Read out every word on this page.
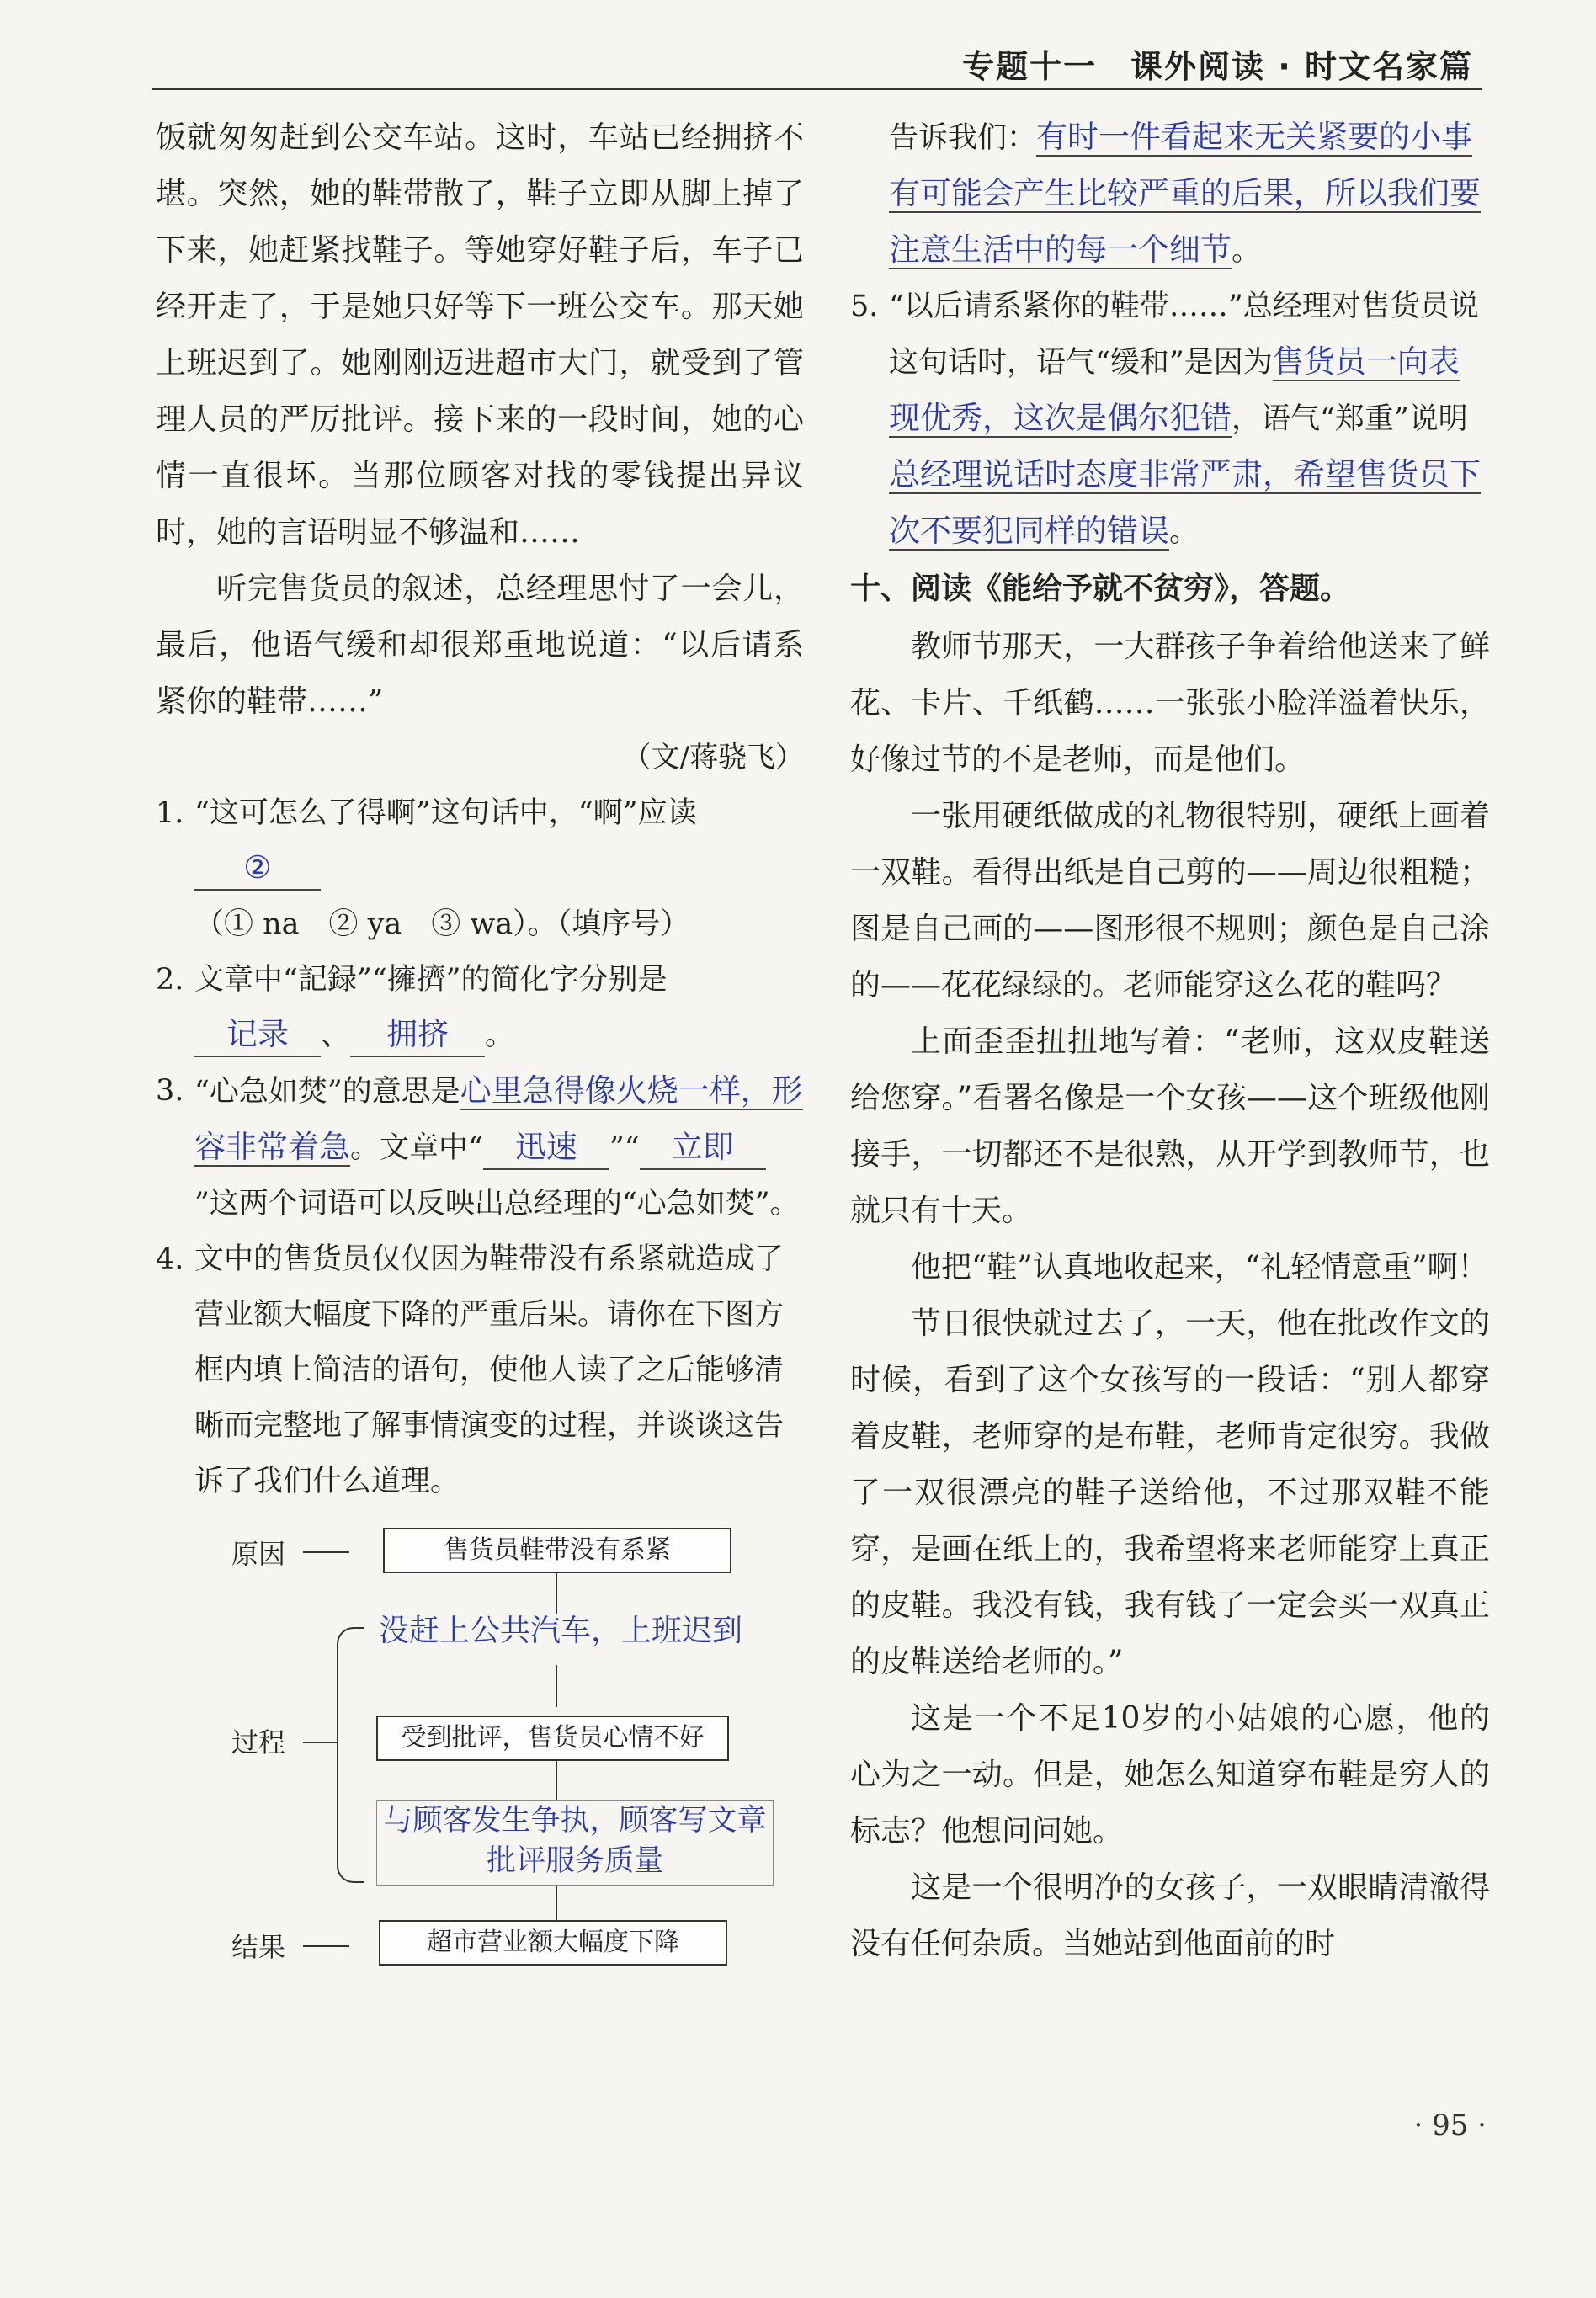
专题十一　课外阅读 · 时文名家篇

饭就匆匆赶到公交车站。这时，车站已经拥挤不堪。突然，她的鞋带散了，鞋子立即从脚上掉了下来，她赶紧找鞋子。等她穿好鞋子后，车子已经开走了，于是她只好等下一班公交车。那天她上班迟到了。她刚刚迈进超市大门，就受到了管理人员的严厉批评。接下来的一段时间，她的心情一直很坏。当那位顾客对找的零钱提出异议时，她的言语明显不够温和……

听完售货员的叙述，总经理思忖了一会儿，最后，他语气缓和却很郑重地说道：“以后请系紧你的鞋带……”

（文/蒋骁飞）

1. “这可怎么了得啊”这句话中，“啊”应读
②（① na　② ya　③ wa）。（填序号）

2. 文章中“記録”“擁擠”的简化字分别是
记录 、 拥挤 。

3. “心急如焚”的意思是心里急得像火烧一样，形容非常着急。文章中“ 迅速 ”“ 立即”这两个词语可以反映出总经理的“心急如焚”。

4. 文中的售货员仅仅因为鞋带没有系紧就造成了营业额大幅度下降的严重后果。请你在下图方框内填上简洁的语句，使他人读了之后能够清晰而完整地了解事情演变的过程，并谈谈这告诉了我们什么道理。

原因	售货员鞋带没有系紧
没赶上公共汽车，上班迟到
过程	受到批评，售货员心情不好
与顾客发生争执，顾客写文章批评服务质量
结果	超市营业额大幅度下降

告诉我们：有时一件看起来无关紧要的小事有可能会产生比较严重的后果，所以我们要注意生活中的每一个细节。

5. “以后请系紧你的鞋带……”总经理对售货员说这句话时，语气“缓和”是因为售货员一向表现优秀，这次是偶尔犯错，语气“郑重”说明总经理说话时态度非常严肃，希望售货员下次不要犯同样的错误。

十、阅读《能给予就不贫穷》，答题。

教师节那天，一大群孩子争着给他送来了鲜花、卡片、千纸鹤……一张张小脸洋溢着快乐，好像过节的不是老师，而是他们。

一张用硬纸做成的礼物很特别，硬纸上画着一双鞋。看得出纸是自己剪的——周边很粗糙；图是自己画的——图形很不规则；颜色是自己涂的——花花绿绿的。老师能穿这么花的鞋吗？

上面歪歪扭扭地写着：“老师，这双皮鞋送给您穿。”看署名像是一个女孩——这个班级他刚接手，一切都还不是很熟，从开学到教师节，也就只有十天。

他把“鞋”认真地收起来，“礼轻情意重”啊！

节日很快就过去了，一天，他在批改作文的时候，看到了这个女孩写的一段话：“别人都穿着皮鞋，老师穿的是布鞋，老师肯定很穷。我做了一双很漂亮的鞋子送给他，不过那双鞋不能穿，是画在纸上的，我希望将来老师能穿上真正的皮鞋。我没有钱，我有钱了一定会买一双真正的皮鞋送给老师的。”

这是一个不足10岁的小姑娘的心愿，他的心为之一动。但是，她怎么知道穿布鞋是穷人的标志？他想问问她。

这是一个很明净的女孩子，一双眼睛清澈得没有任何杂质。当她站到他面前的时

· 95 ·
